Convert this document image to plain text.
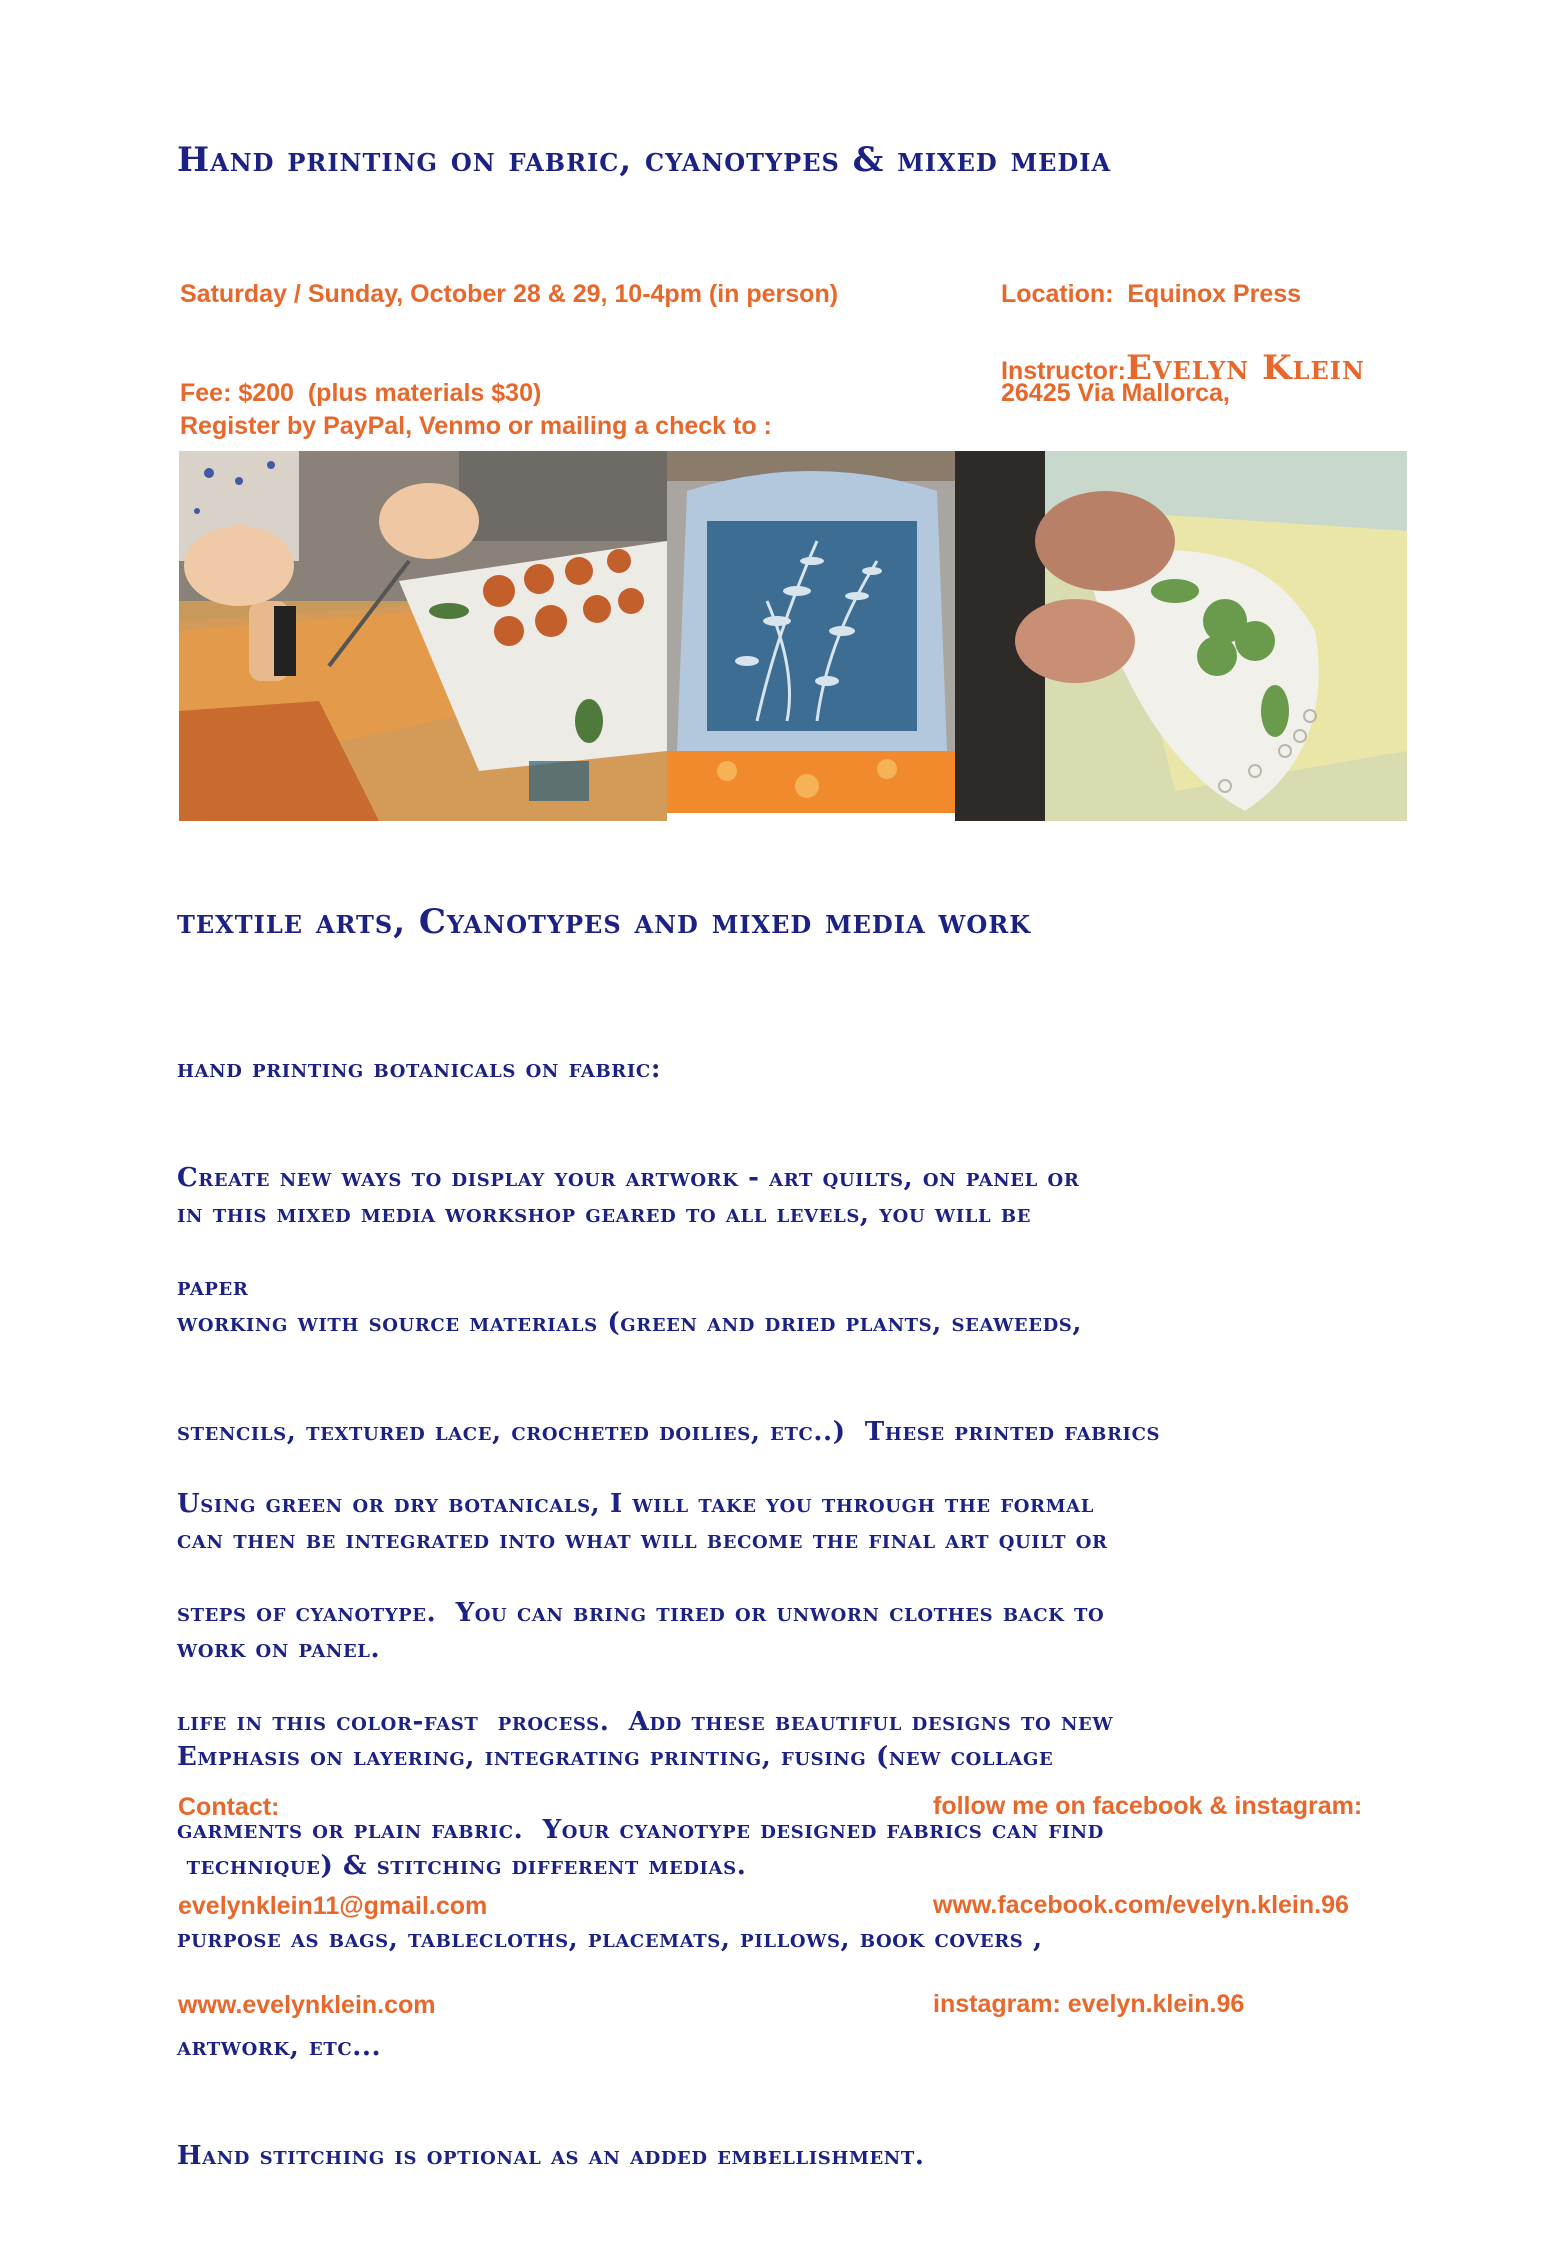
Hand printing on fabric, cyanotypes & mixed media

Saturday / Sunday, October 28 & 29, 10-4pm (in person)

Fee: $200  (plus materials $30)

Location:  Equinox Press

26425 Via Mallorca,

Register by PayPal, Venmo or mailing a check to :

Instructor:Evelyn Klein
textile arts, Cyanotypes and mixed media work

hand printing botanicals on fabric:

Create new ways to display your artwork - art quilts, on panel or

paper

in this mixed media workshop geared to all levels, you will be

working with source materials (green and dried plants, seaweeds,

stencils, textured lace, crocheted doilies, etc..)  These printed fabrics

can then be integrated into what will become the final art quilt or

work on panel.

Emphasis on layering, integrating printing, fusing (new collage

technique) & stitching different medias.

Using green or dry botanicals, I will take you through the formal

steps of cyanotype.  You can bring tired or unworn clothes back to

life in this color-fast  process.  Add these beautiful designs to new

garments or plain fabric.  Your cyanotype designed fabrics can find

purpose as bags, tablecloths, placemats, pillows, book covers ,

artwork, etc...

Hand stitching is optional as an added embellishment.

Contact:

evelynklein11@gmail.com

www.evelynklein.com

follow me on facebook & instagram:

www.facebook.com/evelyn.klein.96

instagram: evelyn.klein.96
